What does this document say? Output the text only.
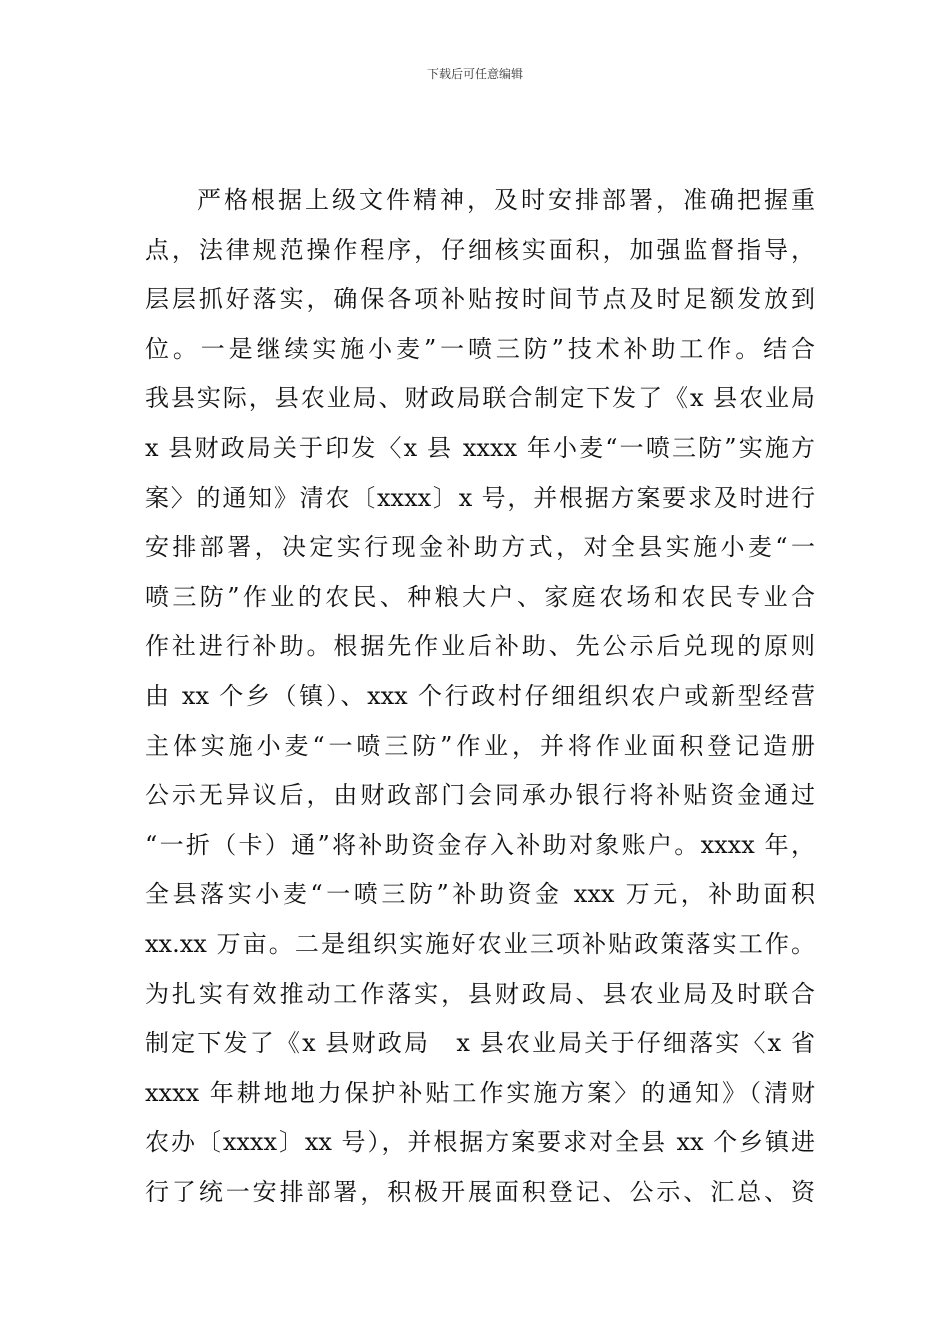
下载后可任意编辑
严格根据上级文件精神，及时安排部署，准确把握重
点，法律规范操作程序，仔细核实面积，加强监督指导，
层层抓好落实，确保各项补贴按时间节点及时足额发放到
位。一是继续实施小麦”一喷三防”技术补助工作。结合
我县实际，县农业局、财政局联合制定下发了《x 县农业局
x 县财政局关于印发〈x 县 xxxx 年小麦“一喷三防”实施方
案〉的通知》清农〔xxxx〕x 号，并根据方案要求及时进行
安排部署，决定实行现金补助方式，对全县实施小麦“一
喷三防”作业的农民、种粮大户、家庭农场和农民专业合
作社进行补助。根据先作业后补助、先公示后兑现的原则
由 xx 个乡（镇）、xxx 个行政村仔细组织农户或新型经营
主体实施小麦“一喷三防”作业，并将作业面积登记造册
公示无异议后，由财政部门会同承办银行将补贴资金通过
“一折（卡）通”将补助资金存入补助对象账户。xxxx 年，
全县落实小麦“一喷三防”补助资金 xxx 万元，补助面积
xx.xx 万亩。二是组织实施好农业三项补贴政策落实工作。
为扎实有效推动工作落实，县财政局、县农业局及时联合
制定下发了《x 县财政局　x 县农业局关于仔细落实〈x 省
xxxx 年耕地地力保护补贴工作实施方案〉的通知》（清财
农办〔xxxx〕xx 号），并根据方案要求对全县 xx 个乡镇进
行了统一安排部署，积极开展面积登记、公示、汇总、资
